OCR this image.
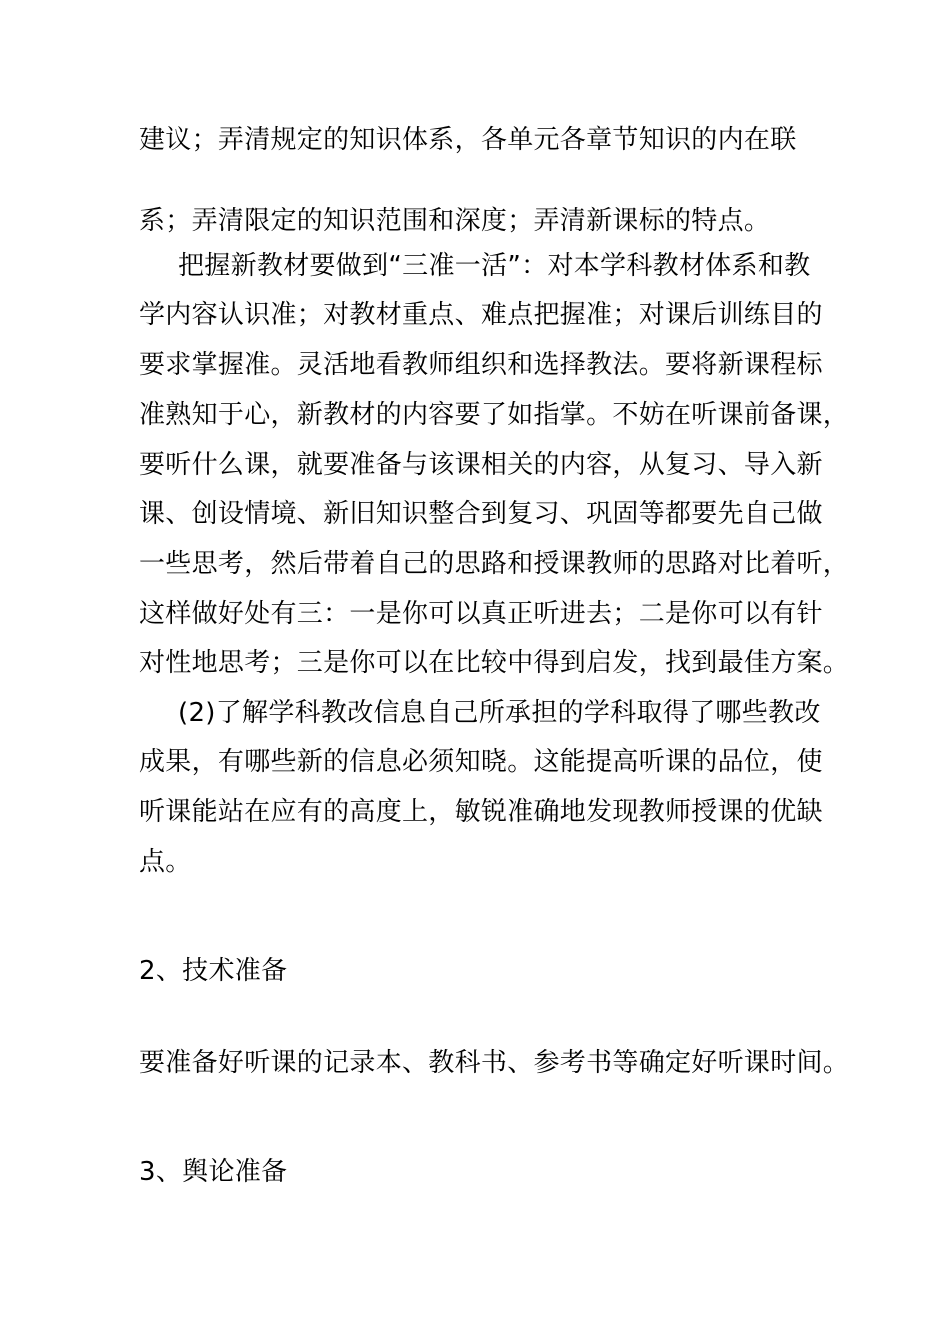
建议；弄清规定的知识体系，各单元各章节知识的内在联
系；弄清限定的知识范围和深度；弄清新课标的特点。
把握新教材要做到“三准一活”：对本学科教材体系和教
学内容认识准；对教材重点、难点把握准；对课后训练目的
要求掌握准。灵活地看教师组织和选择教法。要将新课程标
准熟知于心，新教材的内容要了如指掌。不妨在听课前备课，
要听什么课，就要准备与该课相关的内容，从复习、导入新
课、创设情境、新旧知识整合到复习、巩固等都要先自己做
一些思考，然后带着自己的思路和授课教师的思路对比着听，
这样做好处有三：一是你可以真正听进去；二是你可以有针
对性地思考；三是你可以在比较中得到启发，找到最佳方案。
(2)了解学科教改信息自己所承担的学科取得了哪些教改
成果，有哪些新的信息必须知晓。这能提高听课的品位，使
听课能站在应有的高度上，敏锐准确地发现教师授课的优缺
点。
2、技术准备
要准备好听课的记录本、教科书、参考书等确定好听课时间。
3、舆论准备
